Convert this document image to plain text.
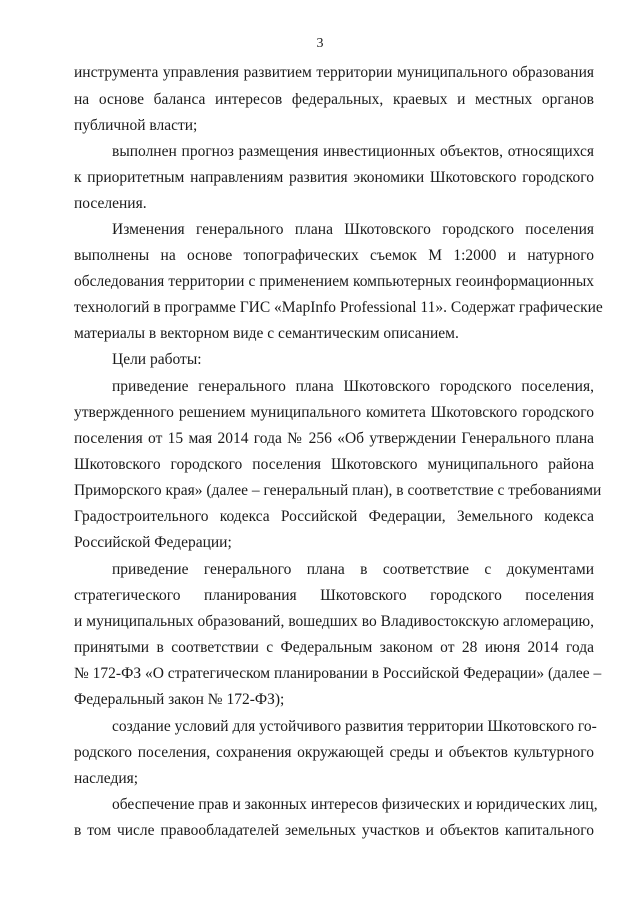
3
инструмента управления развитием территории муниципального образования
на основе баланса интересов федеральных, краевых и местных органов
публичной власти;
выполнен прогноз размещения инвестиционных объектов, относящихся
к приоритетным направлениям развития экономики Шкотовского городского
поселения.
Изменения генерального плана Шкотовского городского поселения
выполнены на основе топографических съемок М 1:2000 и натурного
обследования территории с применением компьютерных геоинформационных
технологий в программе ГИС «MapInfo Professional 11». Содержат графические
материалы в векторном виде с семантическим описанием.
Цели работы:
приведение генерального плана Шкотовского городского поселения,
утвержденного решением муниципального комитета Шкотовского городского
поселения от 15 мая 2014 года № 256 «Об утверждении Генерального плана
Шкотовского городского поселения Шкотовского муниципального района
Приморского края» (далее – генеральный план), в соответствие с требованиями
Градостроительного кодекса Российской Федерации, Земельного кодекса
Российской Федерации;
приведение генерального плана в соответствие с документами
стратегического планирования Шкотовского городского поселения
и муниципальных образований, вошедших во Владивостокскую агломерацию,
принятыми в соответствии с Федеральным законом от 28 июня 2014 года
№ 172-ФЗ «О стратегическом планировании в Российской Федерации» (далее –
Федеральный закон № 172-ФЗ);
создание условий для устойчивого развития территории Шкотовского го-
родского поселения, сохранения окружающей среды и объектов культурного
наследия;
обеспечение прав и законных интересов физических и юридических лиц,
в том числе правообладателей земельных участков и объектов капитального
